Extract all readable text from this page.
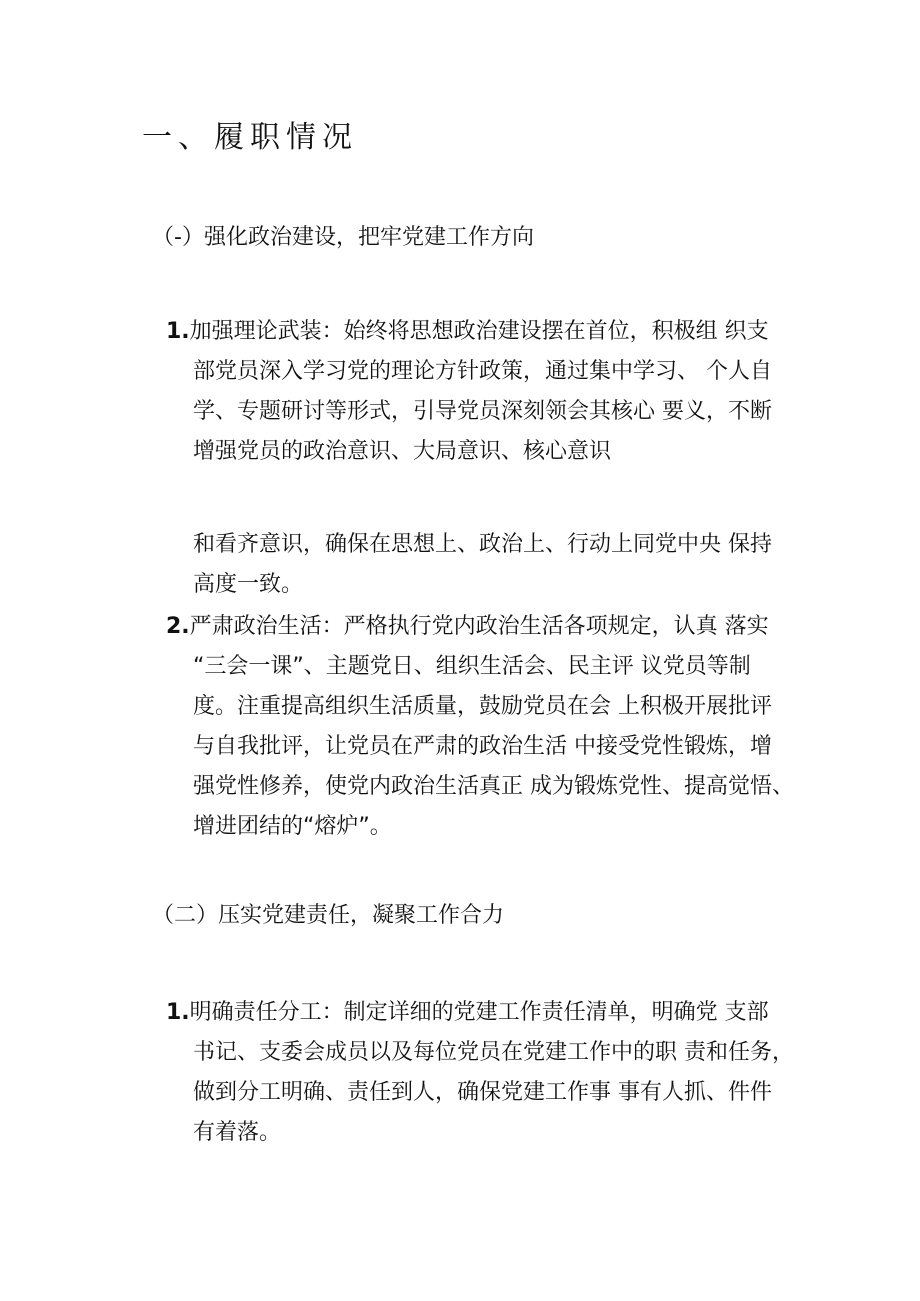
一、履职情况
（-）强化政治建设，把牢党建工作方向
1.加强理论武装：始终将思想政治建设摆在首位，积极组 织支
部党员深入学习党的理论方针政策，通过集中学习、 个人自
学、专题研讨等形式，引导党员深刻领会其核心 要义，不断
增强党员的政治意识、大局意识、核心意识
和看齐意识，确保在思想上、政治上、行动上同党中央 保持
高度一致。
2.严肃政治生活：严格执行党内政治生活各项规定，认真 落实
“三会一课”、主题党日、组织生活会、民主评 议党员等制
度。注重提高组织生活质量，鼓励党员在会 上积极开展批评
与自我批评，让党员在严肃的政治生活 中接受党性锻炼，增
强党性修养，使党内政治生活真正 成为锻炼党性、提高觉悟、
增进团结的“熔炉”。
（二）压实党建责任，凝聚工作合力
1.明确责任分工：制定详细的党建工作责任清单，明确党 支部
书记、支委会成员以及每位党员在党建工作中的职 责和任务，
做到分工明确、责任到人，确保党建工作事 事有人抓、件件
有着落。
